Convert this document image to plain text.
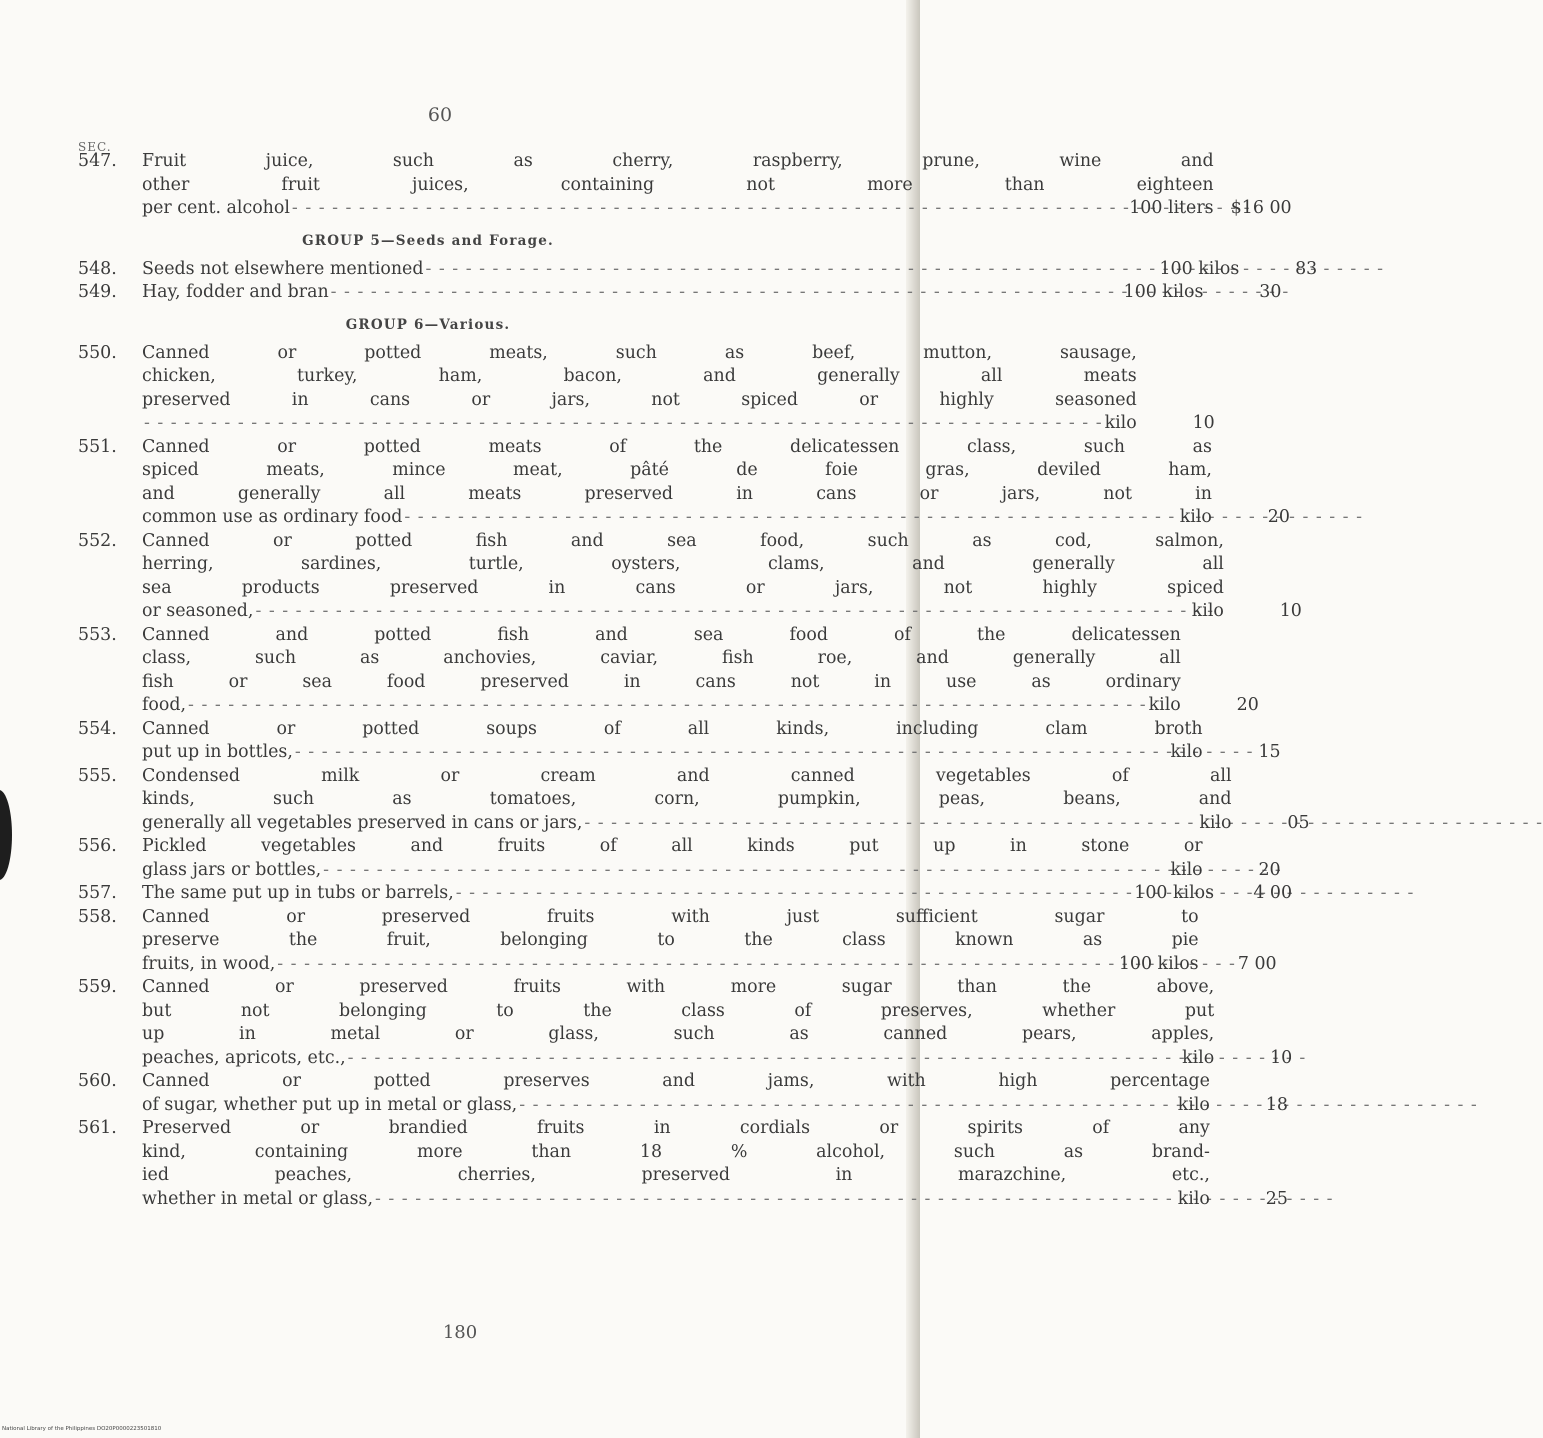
60
SEC.
547.	Fruit juice, such as cherry, raspberry, prune, wine and
other fruit juices, containing not more than eighteen
per cent. alcohol - - -	100 liters $16 00
GROUP 5—Seeds and Forage.
548.	Seeds not elsewhere mentioned - - -	100 kilos	83
549.	Hay, fodder and bran - - -	100 kilos	30
GROUP 6—Various.
550.	Canned or potted meats, such as beef, mutton, sausage,
chicken, turkey, ham, bacon, and generally all meats
preserved in cans or jars, not spiced or highly seasoned
- - -
kilo	10
551.	Canned or potted meats of the delicatessen class, such as
spiced meats, mince meat, pâté de foie gras, deviled ham,
and generally all meats preserved in cans or jars, not in
common use as ordinary food - - -	kilo	20
552.	Canned or potted fish and sea food, such as cod, salmon,
herring, sardines, turtle, oysters, clams, and generally all
sea products preserved in cans or jars, not highly spiced
or seasoned, - - -	kilo	10
553.	Canned and potted fish and sea food of the delicatessen
class, such as anchovies, caviar, fish roe, and generally all
fish or sea food preserved in cans not in use as ordinary
food, - - -	kilo	20
554.	Canned or potted soups of all kinds, including clam broth
put up in bottles, - - -	kilo	15
555.	Condensed milk or cream and canned vegetables of all
kinds, such as tomatoes, corn, pumpkin, peas, beans, and
generally all vegetables preserved in cans or jars, - - -	kilo	05
556.	Pickled vegetables and fruits of all kinds put up in stone or
glass jars or bottles, - - -	kilo	20
557.	The same put up in tubs or barrels, - - -	100 kilos	4 00
558.	Canned or preserved fruits with just sufficient sugar to
preserve the fruit, belonging to the class known as pie
fruits, in wood, - - -	100 kilos	7 00
559.	Canned or preserved fruits with more sugar than the above,
but not belonging to the class of preserves, whether put
up in metal or glass, such as canned pears, apples,
peaches, apricots, etc., - - -	kilo	10
560.	Canned or potted preserves and jams, with high percentage
of sugar, whether put up in metal or glass, - - -	kilo	18
561.	Preserved or brandied fruits in cordials or spirits of any
kind, containing more than 18 % alcohol, such as brand-
ied peaches, cherries, preserved in marazchine, etc.,
whether in metal or glass, - - -	kilo	25
180
National Library of the Philippines DO20P0000223501810
